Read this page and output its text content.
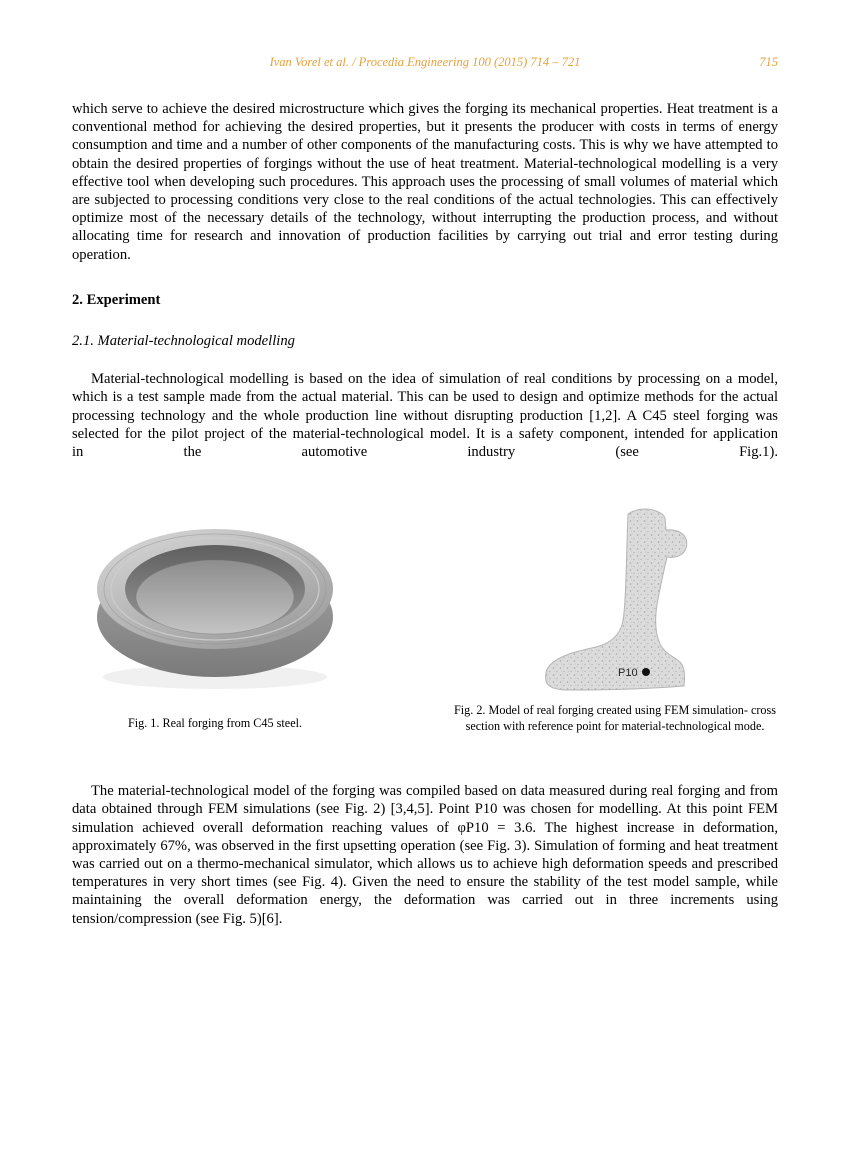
Ivan Vorel et al. / Procedia Engineering 100 (2015) 714 – 721	715

which serve to achieve the desired microstructure which gives the forging its mechanical properties. Heat treatment is a conventional method for achieving the desired properties, but it presents the producer with costs in terms of energy consumption and time and a number of other components of the manufacturing costs. This is why we have attempted to obtain the desired properties of forgings without the use of heat treatment. Material-technological modelling is a very effective tool when developing such procedures. This approach uses the processing of small volumes of material which are subjected to processing conditions very close to the real conditions of the actual technologies. This can effectively optimize most of the necessary details of the technology, without interrupting the production process, and without allocating time for research and innovation of production facilities by carrying out trial and error testing during operation.

2. Experiment
2.1. Material-technological modelling

Material-technological modelling is based on the idea of simulation of real conditions by processing on a model, which is a test sample made from the actual material. This can be used to design and optimize methods for the actual processing technology and the whole production line without disrupting production [1,2]. A C45 steel forging was selected for the pilot project of the material-technological model. It is a safety component, intended for application

in the automotive industry (see Fig.1).
Fig. 1. Real forging from C45 steel.
P10
Fig. 2. Model of real forging created using FEM simulation- cross section with reference point for material-technological mode.

The material-technological model of the forging was compiled based on data measured during real forging and from data obtained through FEM simulations (see Fig. 2) [3,4,5]. Point P10 was chosen for modelling. At this point FEM simulation achieved overall deformation reaching values of φP10 = 3.6. The highest increase in deformation, approximately 67%, was observed in the first upsetting operation (see Fig. 3). Simulation of forming and heat treatment was carried out on a thermo-mechanical simulator, which allows us to achieve high deformation speeds and prescribed temperatures in very short times (see Fig. 4). Given the need to ensure the stability of the test model sample, while maintaining the overall deformation energy, the deformation was carried out in three increments using tension/compression (see Fig. 5)[6].
